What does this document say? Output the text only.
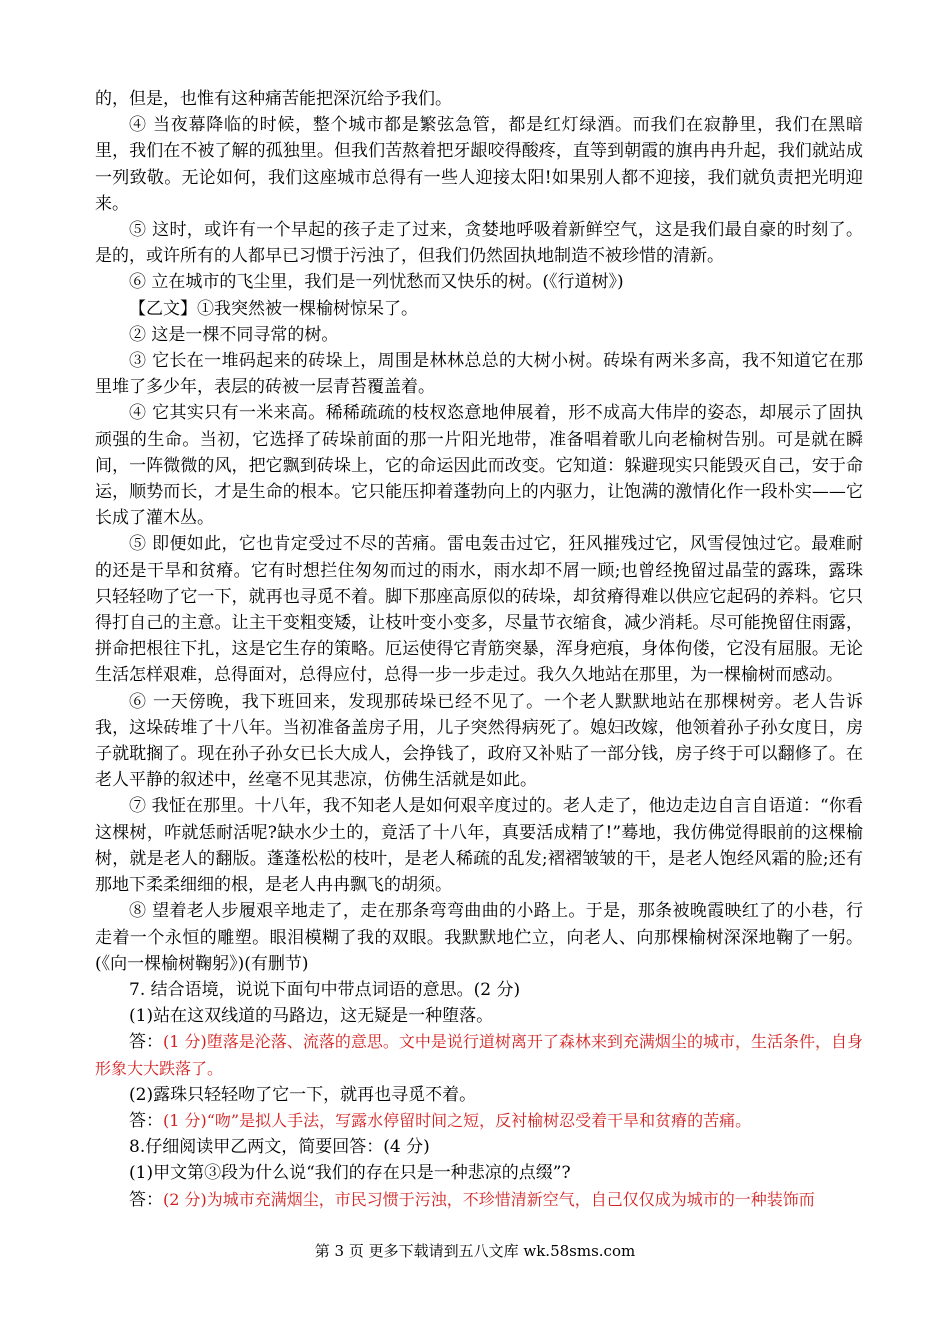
的，但是，也惟有这种痛苦能把深沉给予我们。

④ 当夜幕降临的时候，整个城市都是繁弦急管，都是红灯绿酒。而我们在寂静里，我们在黑暗里，我们在不被了解的孤独里。但我们苦熬着把牙龈咬得酸疼，直等到朝霞的旗冉冉升起，我们就站成一列致敬。无论如何，我们这座城市总得有一些人迎接太阳!如果别人都不迎接，我们就负责把光明迎来。

⑤ 这时，或许有一个早起的孩子走了过来，贪婪地呼吸着新鲜空气，这是我们最自豪的时刻了。是的，或许所有的人都早已习惯于污浊了，但我们仍然固执地制造不被珍惜的清新。

⑥ 立在城市的飞尘里，我们是一列忧愁而又快乐的树。(《行道树》)

【乙文】①我突然被一棵榆树惊呆了。

② 这是一棵不同寻常的树。

③ 它长在一堆码起来的砖垛上，周围是林林总总的大树小树。砖垛有两米多高，我不知道它在那里堆了多少年，表层的砖被一层青苔覆盖着。

④ 它其实只有一米来高。稀稀疏疏的枝杈恣意地伸展着，形不成高大伟岸的姿态，却展示了固执顽强的生命。当初，它选择了砖垛前面的那一片阳光地带，准备唱着歌儿向老榆树告别。可是就在瞬间，一阵微微的风，把它飘到砖垛上，它的命运因此而改变。它知道：躲避现实只能毁灭自己，安于命运，顺势而长，才是生命的根本。它只能压抑着蓬勃向上的内驱力，让饱满的激情化作一段朴实——它长成了灌木丛。

⑤ 即便如此，它也肯定受过不尽的苦痛。雷电轰击过它，狂风摧残过它，风雪侵蚀过它。最难耐的还是干旱和贫瘠。它有时想拦住匆匆而过的雨水，雨水却不屑一顾;也曾经挽留过晶莹的露珠，露珠只轻轻吻了它一下，就再也寻觅不着。脚下那座高原似的砖垛，却贫瘠得难以供应它起码的养料。它只得打自己的主意。让主干变粗变矮，让枝叶变小变多，尽量节衣缩食，减少消耗。尽可能挽留住雨露，拼命把根往下扎，这是它生存的策略。厄运使得它青筋突暴，浑身疤痕，身体佝偻，它没有屈服。无论生活怎样艰难，总得面对，总得应付，总得一步一步走过。我久久地站在那里，为一棵榆树而感动。

⑥ 一天傍晚，我下班回来，发现那砖垛已经不见了。一个老人默默地站在那棵树旁。老人告诉我，这垛砖堆了十八年。当初准备盖房子用，儿子突然得病死了。媳妇改嫁，他领着孙子孙女度日，房子就耽搁了。现在孙子孙女已长大成人，会挣钱了，政府又补贴了一部分钱，房子终于可以翻修了。在老人平静的叙述中，丝毫不见其悲凉，仿佛生活就是如此。

⑦ 我怔在那里。十八年，我不知老人是如何艰辛度过的。老人走了，他边走边自言自语道：“你看这棵树，咋就恁耐活呢?缺水少土的，竟活了十八年，真要活成精了!”蓦地，我仿佛觉得眼前的这棵榆树，就是老人的翻版。蓬蓬松松的枝叶，是老人稀疏的乱发;褶褶皱皱的干，是老人饱经风霜的脸;还有那地下柔柔细细的根，是老人冉冉飘飞的胡须。

⑧ 望着老人步履艰辛地走了，走在那条弯弯曲曲的小路上。于是，那条被晚霞映红了的小巷，行走着一个永恒的雕塑。眼泪模糊了我的双眼。我默默地伫立，向老人、向那棵榆树深深地鞠了一躬。 (《向一棵榆树鞠躬》)(有删节)

7. 结合语境，说说下面句中带点词语的意思。(2 分)

(1)站在这双线道的马路边，这无疑是一种堕落。

答：(1 分)堕落是沦落、流落的意思。文中是说行道树离开了森林来到充满烟尘的城市，生活条件，自身形象大大跌落了。

(2)露珠只轻轻吻了它一下，就再也寻觅不着。

答：(1 分)“吻”是拟人手法，写露水停留时间之短，反衬榆树忍受着干旱和贫瘠的苦痛。

8.仔细阅读甲乙两文，简要回答：(4 分)

(1)甲文第③段为什么说“我们的存在只是一种悲凉的点缀”?

答：(2 分)为城市充满烟尘，市民习惯于污浊，不珍惜清新空气，自己仅仅成为城市的一种装饰而

第 3 页 更多下载请到五八文库 wk.58sms.com
